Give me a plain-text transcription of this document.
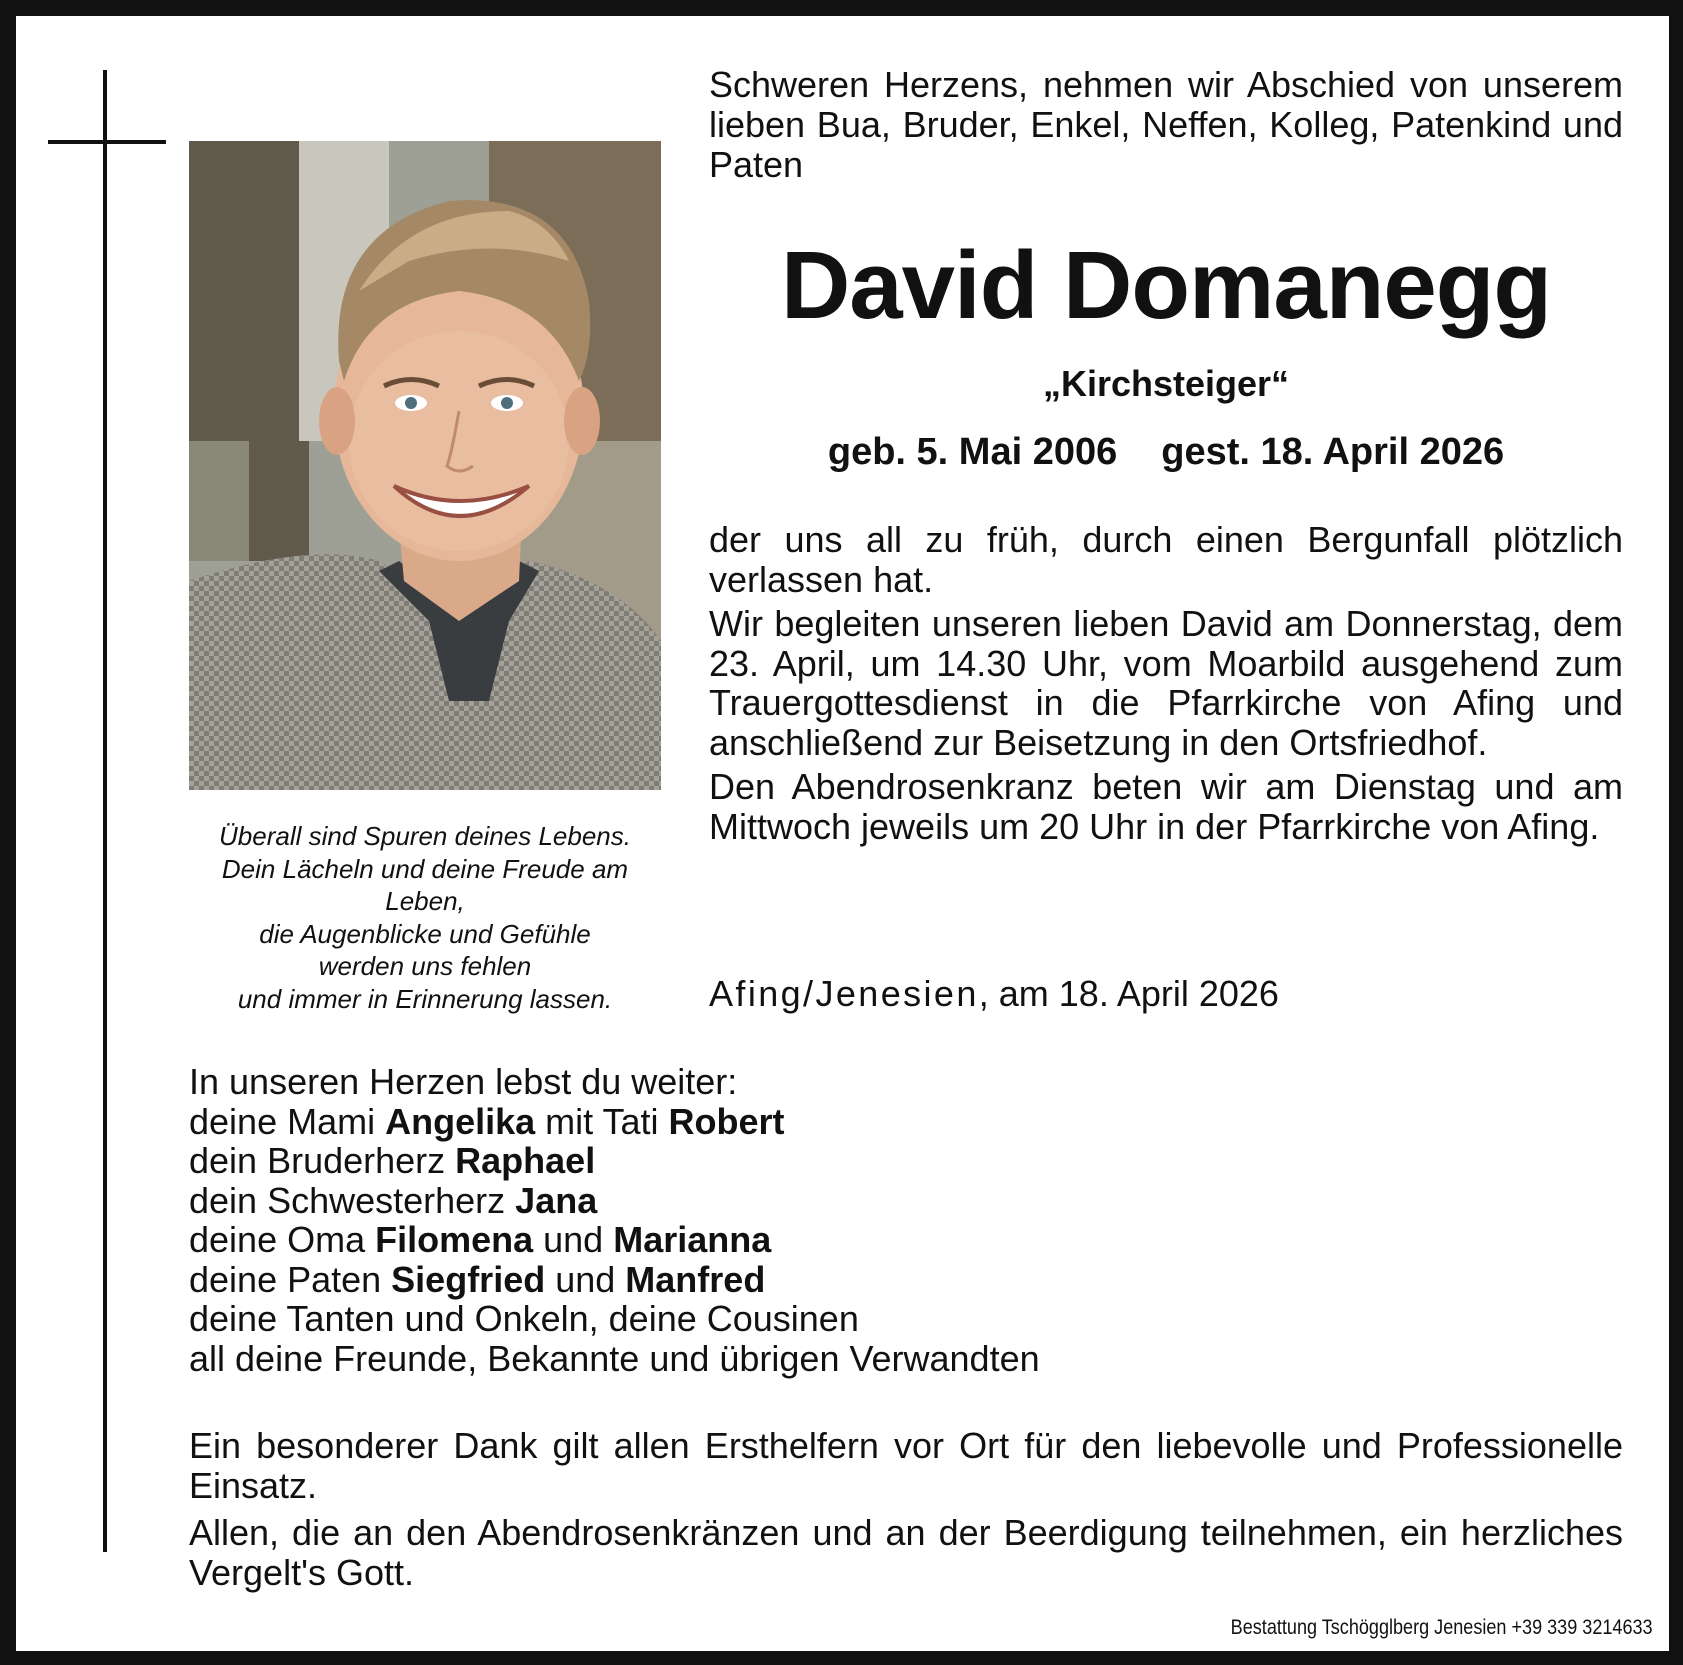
Überall sind Spuren deines Lebens.
Dein Lächeln und deine Freude am
Leben,
die Augenblicke und Gefühle
werden uns fehlen
und immer in Erinnerung lassen.
Schweren Herzens, nehmen wir Abschied von unserem lieben Bua, Bruder, Enkel, Neffen, Kolleg, Patenkind und Paten
David Domanegg
„Kirchsteiger“
geb. 5. Mai 2006 gest. 18. April 2026

der uns all zu früh, durch einen Bergunfall plötzlich verlassen hat.

Wir begleiten unseren lieben David am Donnerstag, dem 23. April, um 14.30 Uhr, vom Moarbild ausgehend zum Trauergottesdienst in die Pfarrkirche von Afing und anschließend zur Beisetzung in den Ortsfriedhof.

Den Abendrosenkranz beten wir am Dienstag und am Mittwoch jeweils um 20 Uhr in der Pfarrkirche von Afing.

Afing/Jenesien, am 18. April 2026
In unseren Herzen lebst du weiter:
deine Mami Angelika mit Tati Robert
dein Bruderherz Raphael
dein Schwesterherz Jana
deine Oma Filomena und Marianna
deine Paten Siegfried und Manfred
deine Tanten und Onkeln, deine Cousinen
all deine Freunde, Bekannte und übrigen Verwandten

Ein besonderer Dank gilt allen Ersthelfern vor Ort für den liebevolle und Professionelle Einsatz.

Allen, die an den Abendrosenkränzen und an der Beerdigung teilnehmen, ein herzliches Vergelt's Gott.

Bestattung Tschögglberg Jenesien +39 339 3214633
